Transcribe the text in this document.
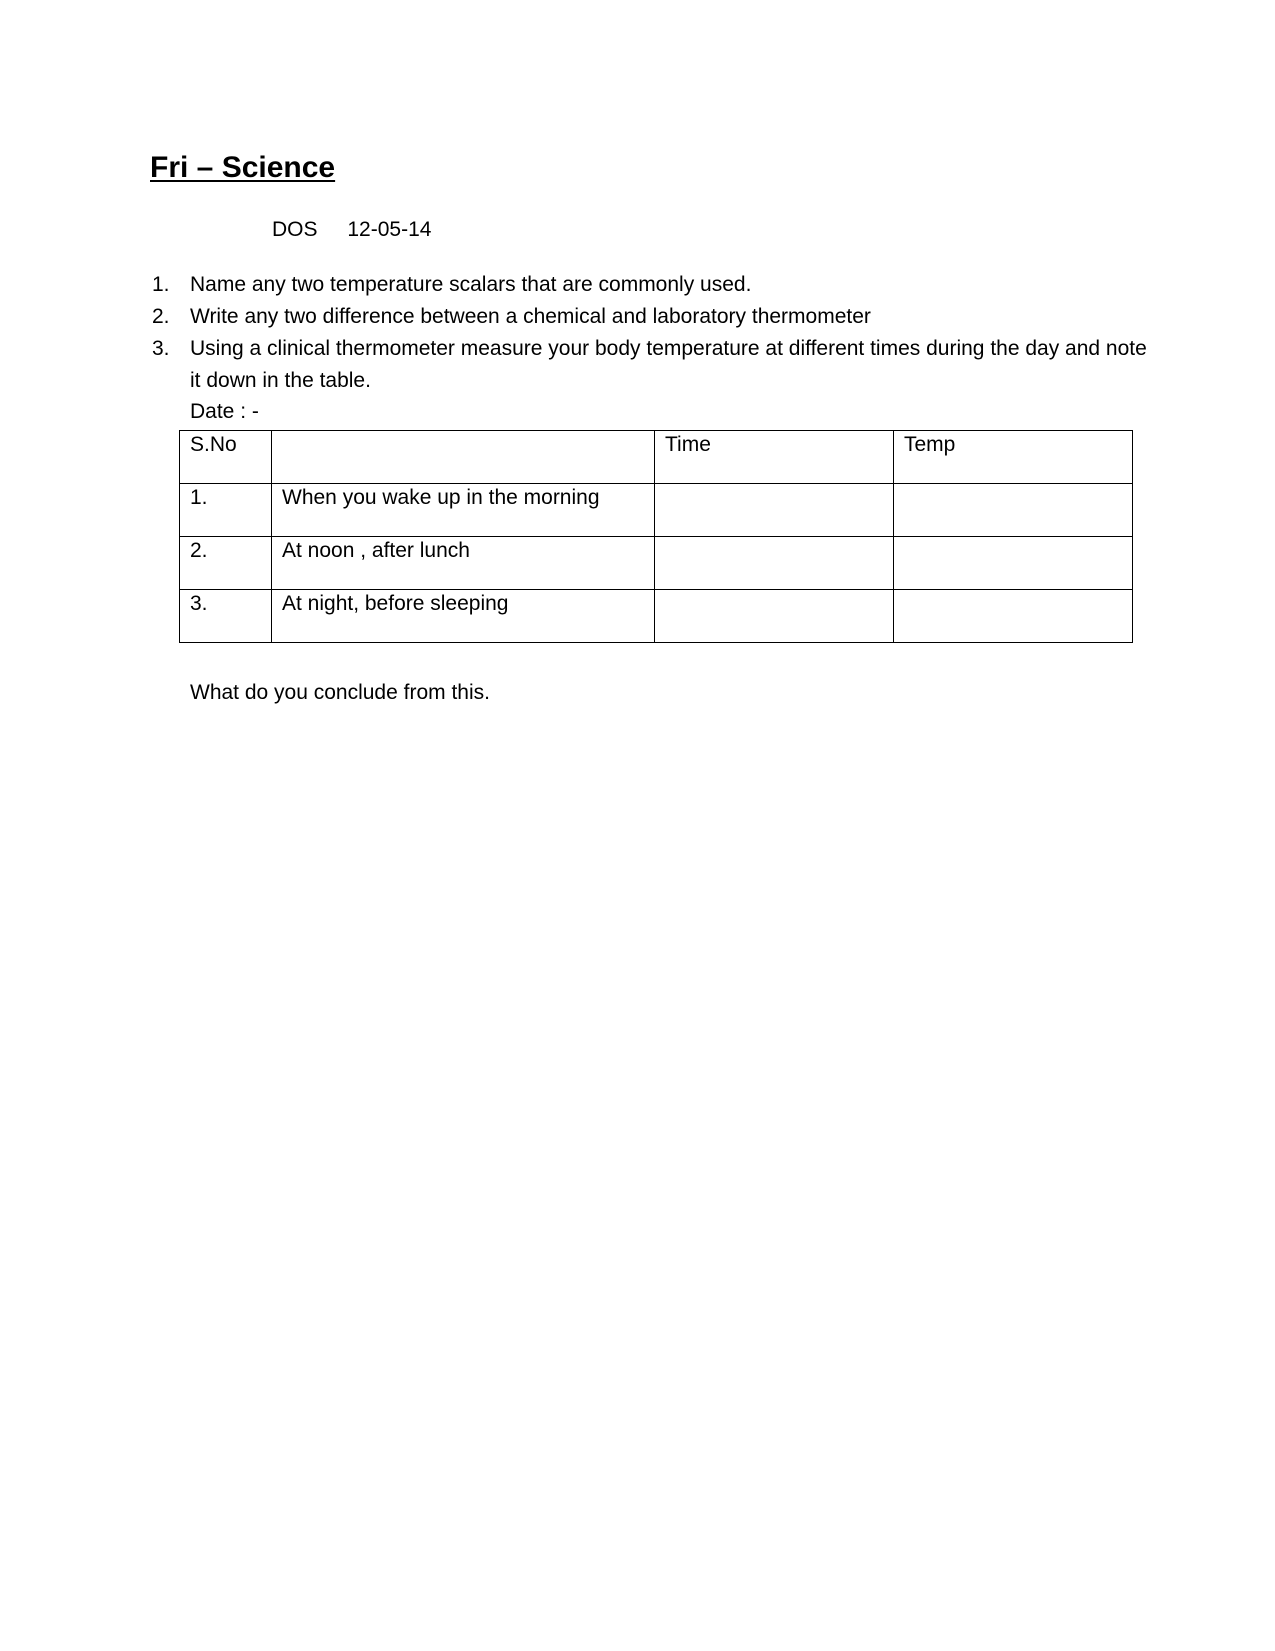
Fri – Science
DOS 12-05-14
1. Name any two temperature scalars that are commonly used.
2. Write any two difference between a chemical and laboratory thermometer
3. Using a clinical thermometer measure your body temperature at different times during the day and note it down in the table.
Date : -
S.No		Time	Temp
1.	When you wake up in the morning		
2.	At noon , after lunch		
3.	At night, before sleeping		
What do you conclude from this.
